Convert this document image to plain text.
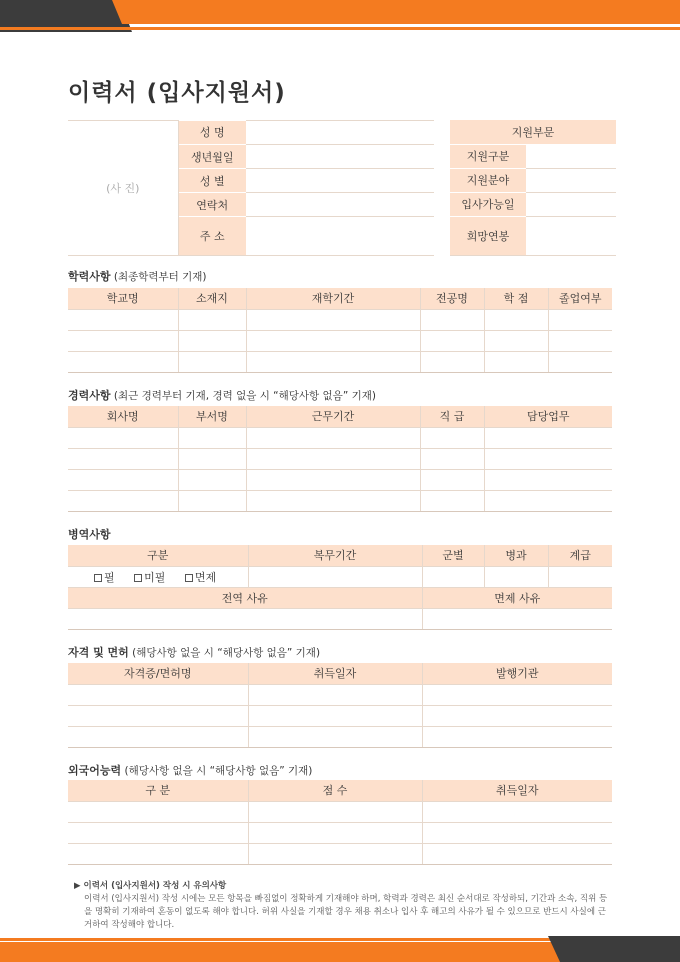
이력서 (입사지원서)
(사 진)	성 명	
	생년월일	
	성 별	
	연락처	
	주 소	
지원부문	
지원구분	
지원분야	
입사가능일	
희망연봉	
학력사항 (최종학력부터 기재)
학교명	소재지	재학기간	전공명	학 점	졸업여부

경력사항 (최근 경력부터 기재, 경력 없을 시 “해당사항 없음” 기재)
회사명	부서명	근무기간	직 급	담당업무

병역사항
구분	복무기간	군별	병과	계급
필 미필 면제				
전역 사유		면제 사유		

자격 및 면허 (해당사항 없을 시 “해당사항 없음” 기재)
자격증/면허명	취득일자	발행기관

외국어능력 (해당사항 없을 시 “해당사항 없음” 기재)
구 분	점 수	취득일자

▶ 이력서 (입사지원서) 작성 시 유의사항
이력서 (입사지원서) 작성 시에는 모든 항목을 빠짐없이 정확하게 기재해야 하며, 학력과 경력은 최신 순서대로 작성하되, 기간과 소속, 직위 등을 명확히 기재하여 혼동이 없도록 해야 합니다. 허위 사실을 기재할 경우 채용 취소나 입사 후 해고의 사유가 될 수 있으므로 반드시 사실에 근거하여 작성해야 합니다.
